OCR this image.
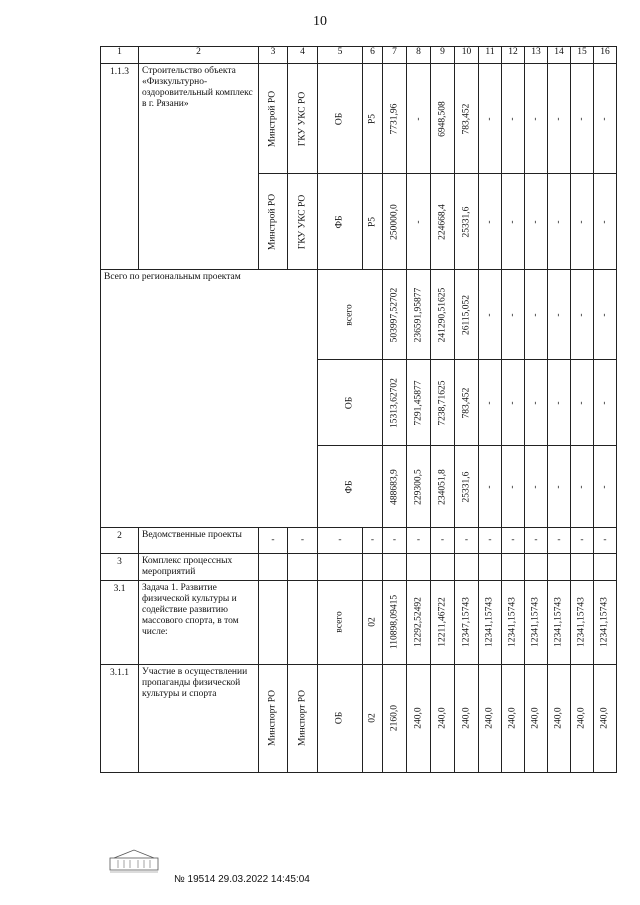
10
1	2	3	4	5	6	7	8	9	10	11	12	13	14	15	16
1.1.3	Строительство объекта «Физкультурно-оздоровительный комплекс в г. Рязани»	Минстрой РО	ГКУ УКС РО	ОБ	Р5	7731,96	-	6948,508	783,452	-	-	-	-	-	-

		Минстрой РО	ГКУ УКС РО	ФБ	Р5	250000,0	-	224668,4	25331,6	-	-	-	-	-	-

Всего по региональным проектам				всего		503997,52702	236591,95877	241290,51625	26115,052	-	-	-	-	-	-

				ОБ		15313,62702	7291,45877	7238,71625	783,452	-	-	-	-	-	-

				ФБ		488683,9	229300,5	234051,8	25331,6	-	-	-	-	-	-

2	Ведомственные проекты	-	-	-	-	-	-	-	-	-	-	-	-	-	-
3	Комплекс процессных мероприятий														
3.1	Задача 1. Развитие физической культуры и содействие развитию массового спорта, в том числе:			всего	02	110898,09415	12292,52492	12211,46722	12347,15743	12341,15743	12341,15743	12341,15743	12341,15743	12341,15743	12341,15743

3.1.1	Участие в осуществлении пропаганды физической культуры и спорта	Минспорт РО	Минспорт РО	ОБ	02	2160,0	240,0	240,0	240,0	240,0	240,0	240,0	240,0	240,0	240,0
№ 19514 29.03.2022 14:45:04
